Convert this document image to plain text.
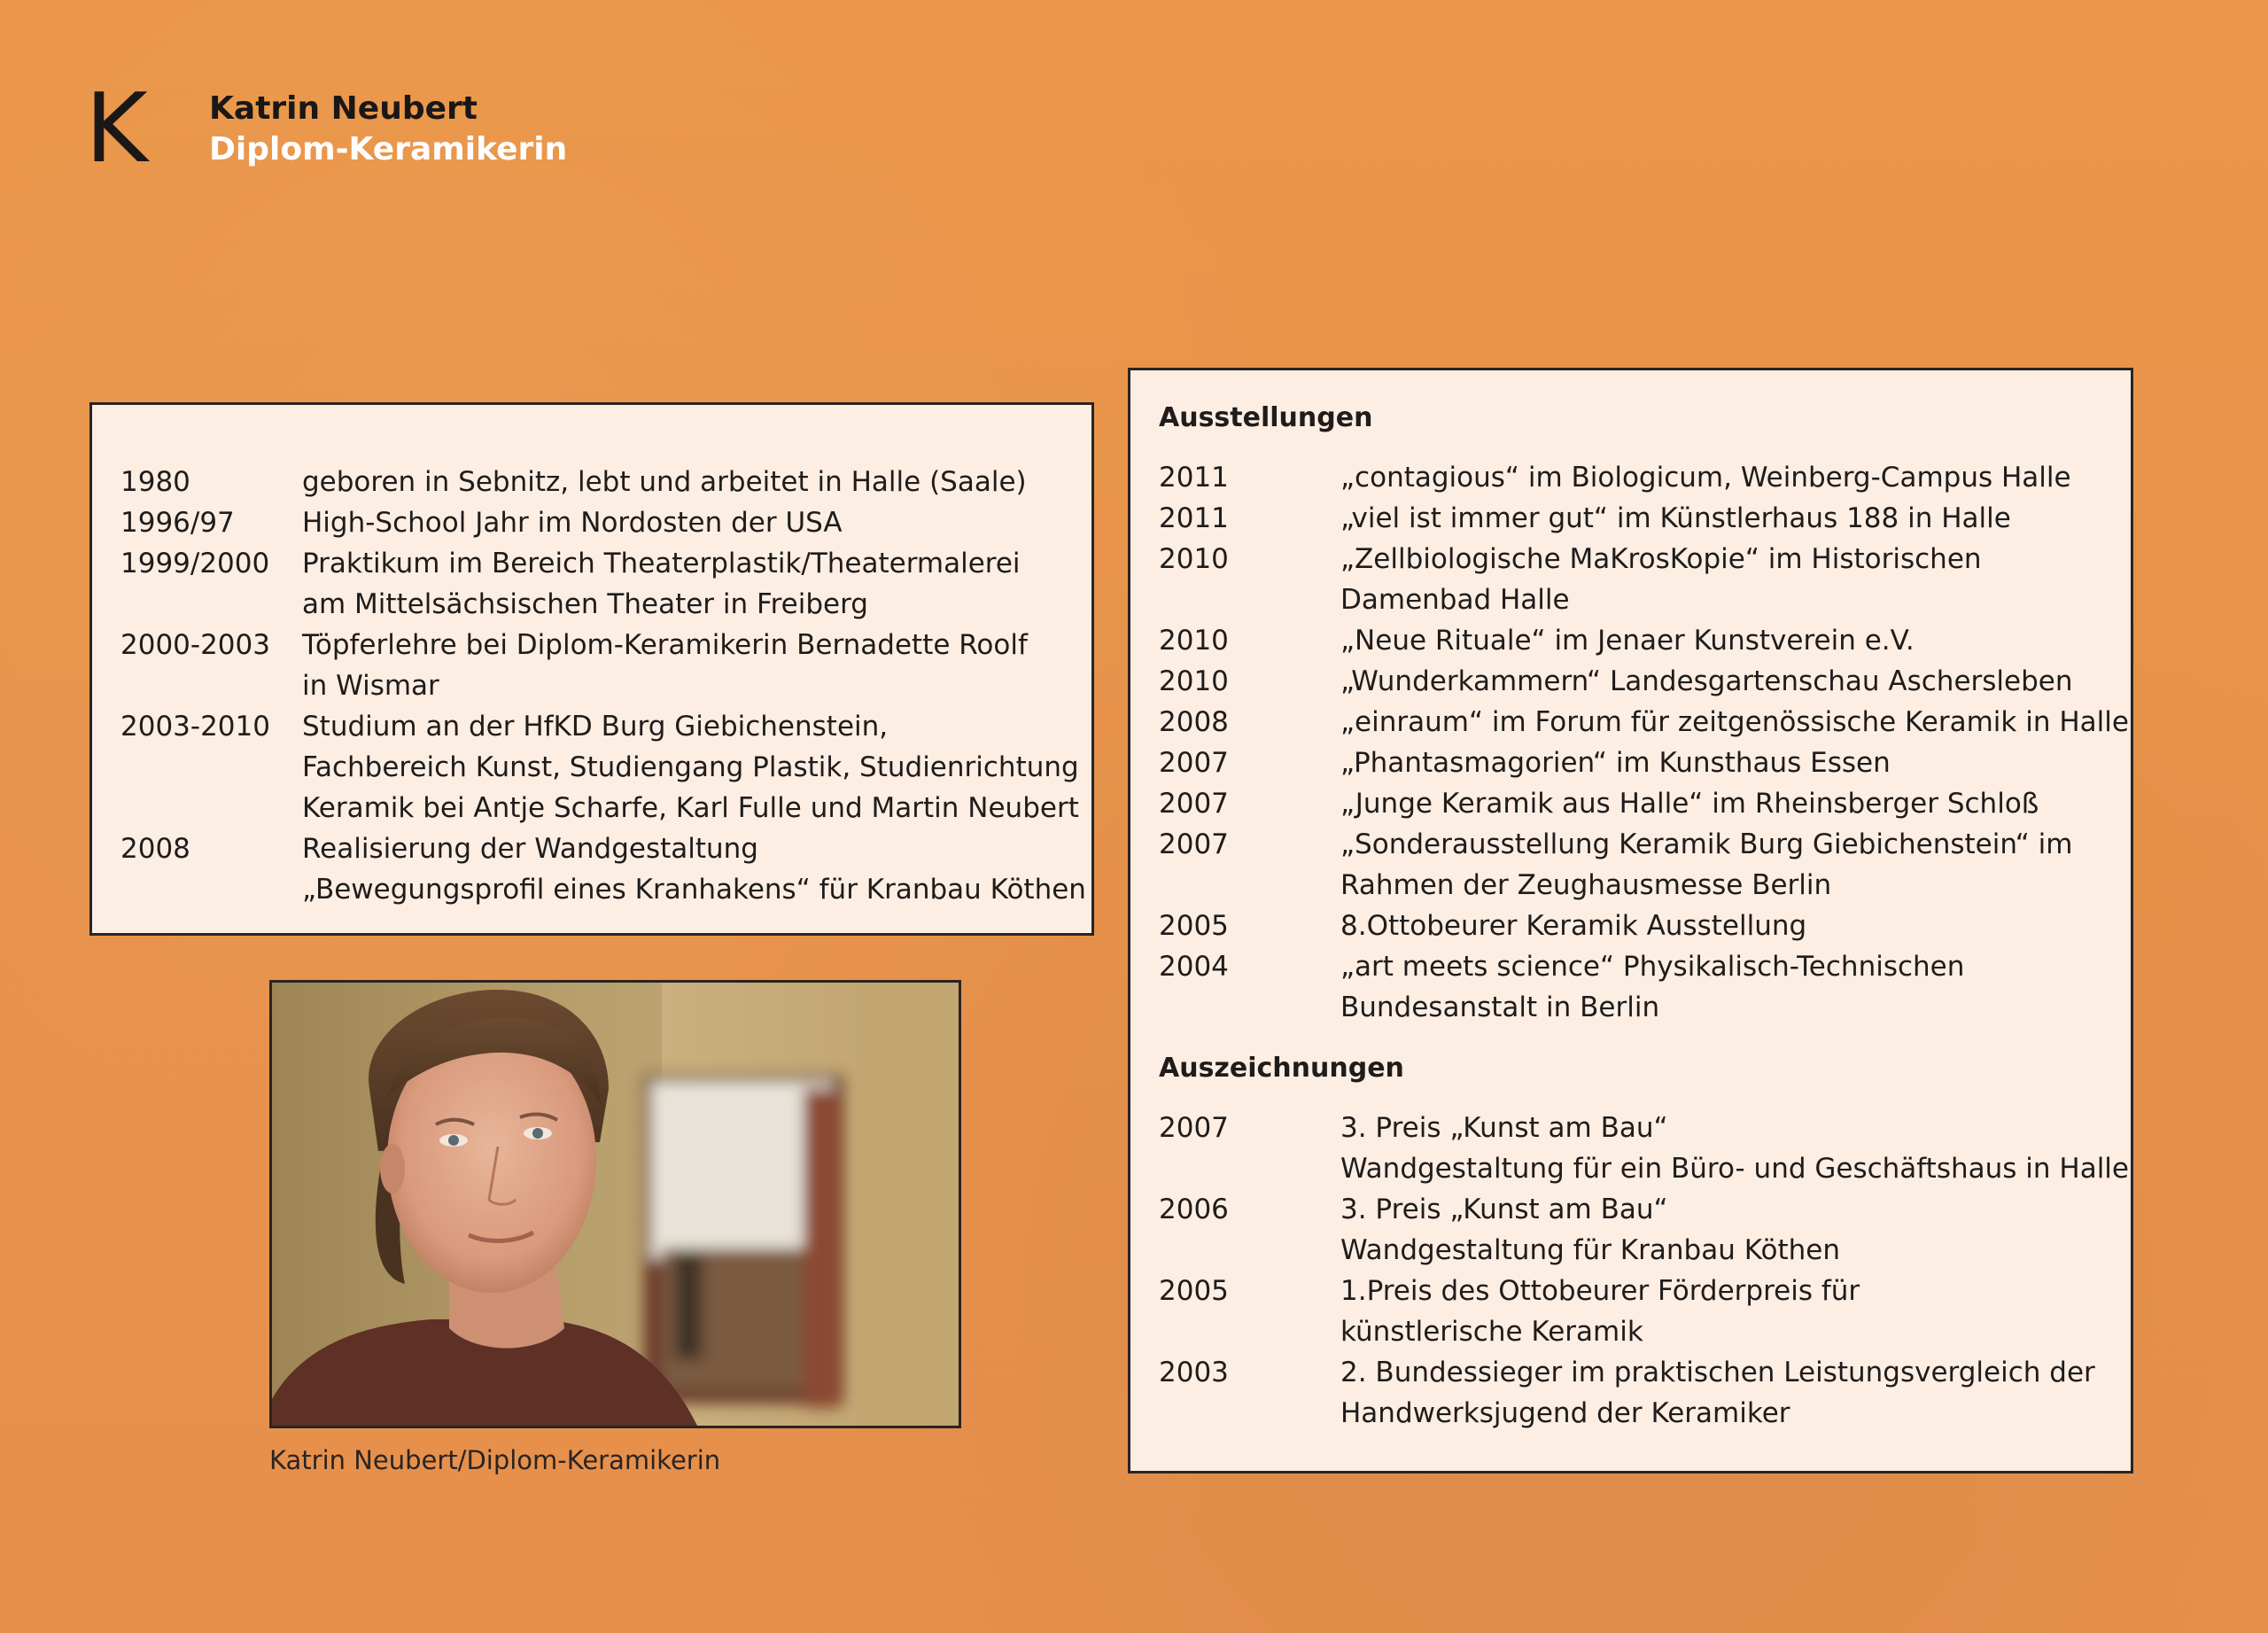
K Katrin Neubert
Diplom-Keramikerin
1980	geboren in Sebnitz, lebt und arbeitet in Halle (Saale)
1996/97	High-School Jahr im Nordosten der USA
1999/2000	Praktikum im Bereich Theaterplastik/Theatermalerei
am Mittelsächsischen Theater in Freiberg
2000-2003	Töpferlehre bei Diplom-Keramikerin Bernadette Roolf
in Wismar
2003-2010	Studium an der HfKD Burg Giebichenstein,
Fachbereich Kunst, Studiengang Plastik, Studienrichtung
Keramik bei Antje Scharfe, Karl Fulle und Martin Neubert
2008	Realisierung der Wandgestaltung
„Bewegungsprofil eines Kranhakens“ für Kranbau Köthen
Katrin Neubert/Diplom-Keramikerin
Ausstellungen
2011	„contagious“ im Biologicum, Weinberg-Campus Halle
2011	„viel ist immer gut“ im Künstlerhaus 188 in Halle
2010	„Zellbiologische MaKrosKopie“ im Historischen
Damenbad Halle
2010	„Neue Rituale“ im Jenaer Kunstverein e.V.
2010	„Wunderkammern“ Landesgartenschau Aschersleben
2008	„einraum“ im Forum für zeitgenössische Keramik in Halle
2007	„Phantasmagorien“ im Kunsthaus Essen
2007	„Junge Keramik aus Halle“ im Rheinsberger Schloß
2007	„Sonderausstellung Keramik Burg Giebichenstein“ im
Rahmen der Zeughausmesse Berlin
2005	8.Ottobeurer Keramik Ausstellung
2004	„art meets science“ Physikalisch-Technischen
Bundesanstalt in Berlin
Auszeichnungen
2007	3. Preis „Kunst am Bau“
Wandgestaltung für ein Büro- und Geschäftshaus in Halle
2006	3. Preis „Kunst am Bau“
Wandgestaltung für Kranbau Köthen
2005	1.Preis des Ottobeurer Förderpreis für
künstlerische Keramik
2003	2. Bundessieger im praktischen Leistungsvergleich der
Handwerksjugend der Keramiker
